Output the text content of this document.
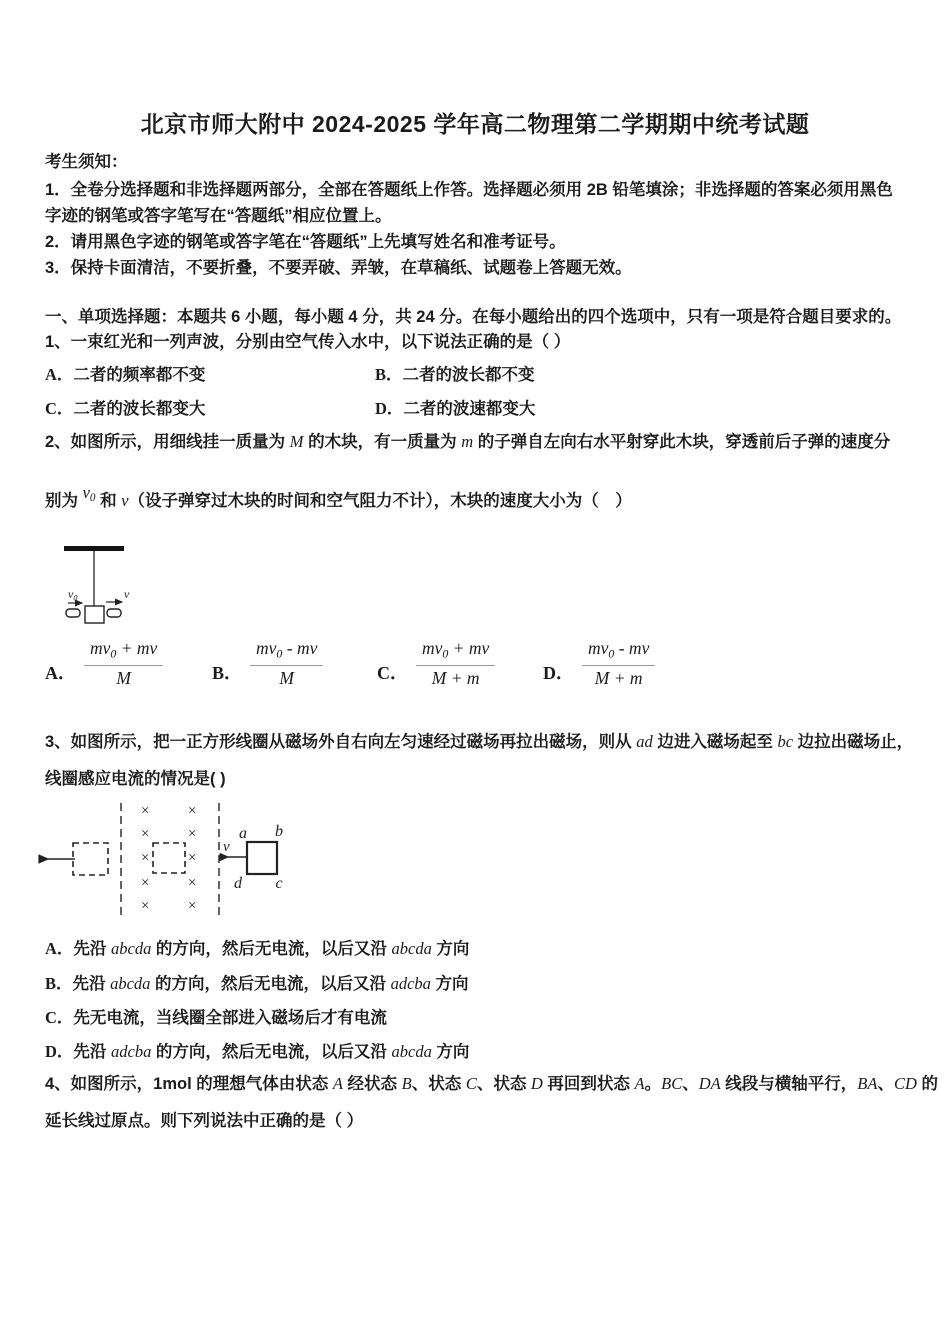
北京市师大附中 2024-2025 学年高二物理第二学期期中统考试题
考生须知：
1．全卷分选择题和非选择题两部分，全部在答题纸上作答。选择题必须用 2B 铅笔填涂；非选择题的答案必须用黑色
字迹的钢笔或答字笔写在“答题纸”相应位置上。
2．请用黑色字迹的钢笔或答字笔在“答题纸”上先填写姓名和准考证号。
3．保持卡面清洁，不要折叠，不要弄破、弄皱，在草稿纸、试题卷上答题无效。
一、单项选择题：本题共 6 小题，每小题 4 分，共 24 分。在每小题给出的四个选项中，只有一项是符合题目要求的。
1、一束红光和一列声波，分别由空气传入水中，以下说法正确的是（ ）
A．二者的频率都不变	B．二者的波长都不变
C．二者的波长都变大	D．二者的波速都变大
2、如图所示，用细线挂一质量为 M 的木块，有一质量为 m 的子弹自左向右水平射穿此木块，穿透前后子弹的速度分
别为 $v^0$ 和 v（设子弹穿过木块的时间和空气阻力不计），木块的速度大小为（　）
$v_0$	v
A． $\frac{mv_0 + mv}{M}$	B． $\frac{mv_0 - mv}{M}$	C． $\frac{mv_0 + mv}{M + m}$	D． $\frac{mv_0 - mv}{M + m}$
3、如图所示，把一正方形线圈从磁场外自右向左匀速经过磁场再拉出磁场，则从 ad 边进入磁场起至 bc 边拉出磁场止，
线圈感应电流的情况是( )
× ×
× ×
× ×
× ×
× ×
v
a b
d c
A．先沿 abcda 的方向，然后无电流，以后又沿 abcda 方向
B．先沿 abcda 的方向，然后无电流，以后又沿 adcba 方向
C．先无电流，当线圈全部进入磁场后才有电流
D．先沿 adcba 的方向，然后无电流，以后又沿 abcda 方向
4、如图所示，1mol 的理想气体由状态 A 经状态 B、状态 C、状态 D 再回到状态 A。BC、DA 线段与横轴平行，BA、CD 的
延长线过原点。则下列说法中正确的是（ ）
